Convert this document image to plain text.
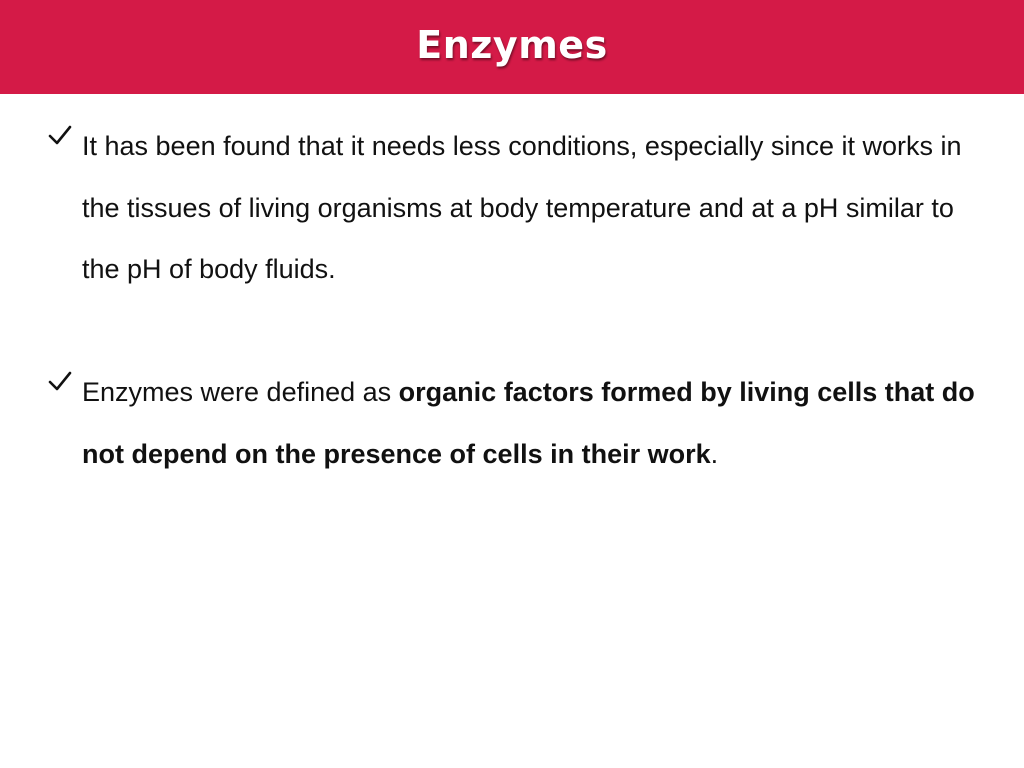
Enzymes
It has been found that it needs less conditions, especially since it works in the tissues of living organisms at body temperature and at a pH similar to the pH of body fluids.
Enzymes were defined as organic factors formed by living cells that do not depend on the presence of cells in their work.
